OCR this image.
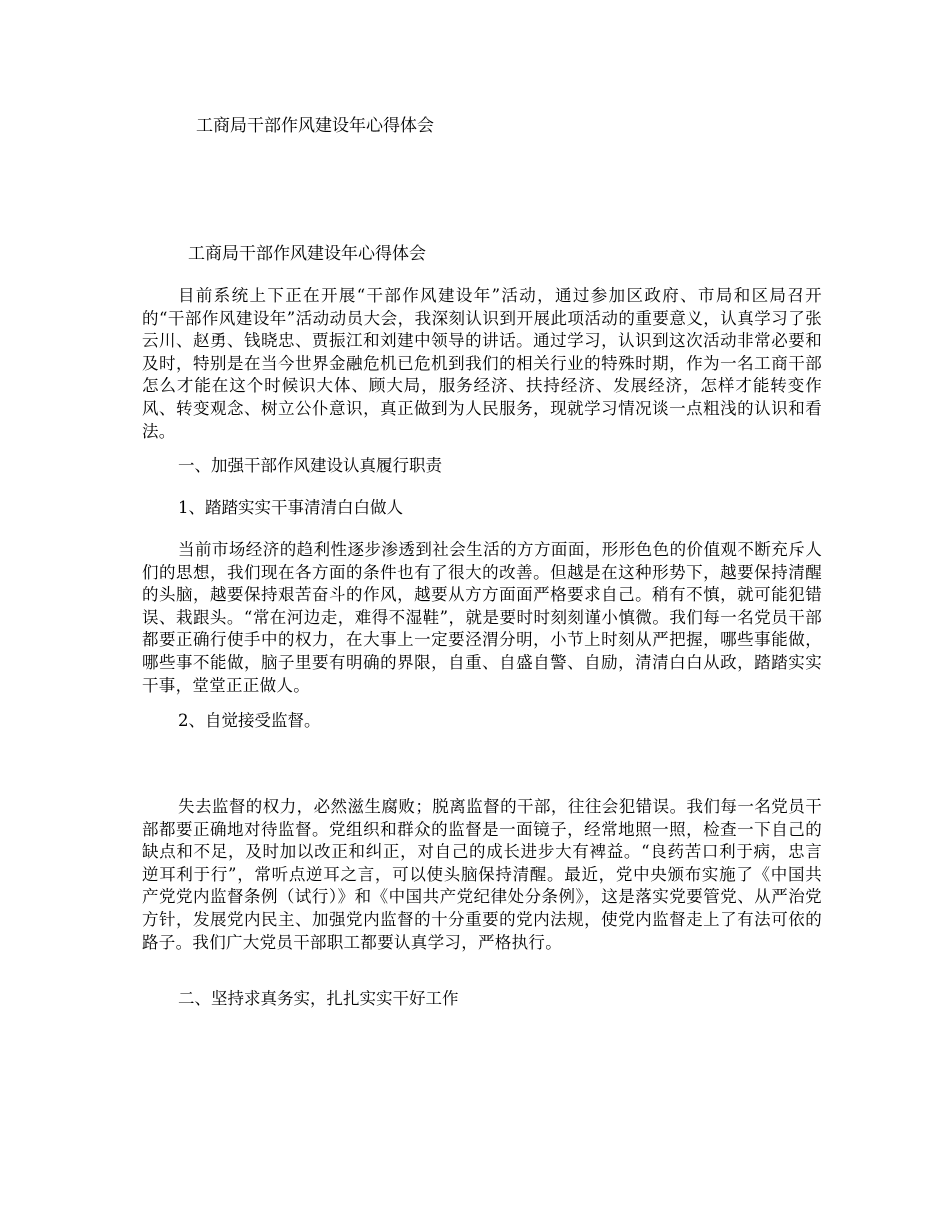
工商局干部作风建设年心得体会
工商局干部作风建设年心得体会

目前系统上下正在开展“干部作风建设年”活动，通过参加区政府、市局和区局召开的“干部作风建设年”活动动员大会，我深刻认识到开展此项活动的重要意义，认真学习了张云川、赵勇、钱晓忠、贾振江和刘建中领导的讲话。通过学习，认识到这次活动非常必要和及时，特别是在当今世界金融危机已危机到我们的相关行业的特殊时期，作为一名工商干部怎么才能在这个时候识大体、顾大局，服务经济、扶持经济、发展经济，怎样才能转变作风、转变观念、树立公仆意识，真正做到为人民服务，现就学习情况谈一点粗浅的认识和看法。

一、加强干部作风建设认真履行职责
1、踏踏实实干事清清白白做人

当前市场经济的趋利性逐步渗透到社会生活的方方面面，形形色色的价值观不断充斥人们的思想，我们现在各方面的条件也有了很大的改善。但越是在这种形势下，越要保持清醒的头脑，越要保持艰苦奋斗的作风，越要从方方面面严格要求自己。稍有不慎，就可能犯错误、栽跟头。“常在河边走，难得不湿鞋”，就是要时时刻刻谨小慎微。我们每一名党员干部都要正确行使手中的权力，在大事上一定要泾渭分明，小节上时刻从严把握，哪些事能做，哪些事不能做，脑子里要有明确的界限，自重、自盛自警、自励，清清白白从政，踏踏实实干事，堂堂正正做人。

2、自觉接受监督。

失去监督的权力，必然滋生腐败；脱离监督的干部，往往会犯错误。我们每一名党员干部都要正确地对待监督。党组织和群众的监督是一面镜子，经常地照一照，检查一下自己的缺点和不足，及时加以改正和纠正，对自己的成长进步大有裨益。“良药苦口利于病，忠言逆耳利于行”，常听点逆耳之言，可以使头脑保持清醒。最近，党中央颁布实施了《中国共产党党内监督条例（试行）》和《中国共产党纪律处分条例》，这是落实党要管党、从严治党方针，发展党内民主、加强党内监督的十分重要的党内法规，使党内监督走上了有法可依的路子。我们广大党员干部职工都要认真学习，严格执行。

二、坚持求真务实，扎扎实实干好工作
